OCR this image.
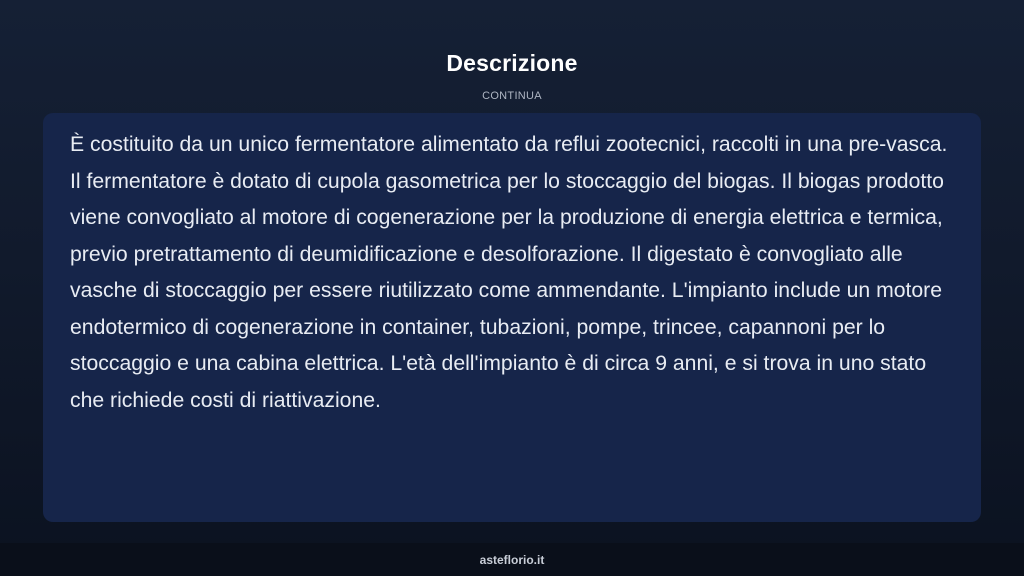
Descrizione
CONTINUA

È costituito da un unico fermentatore alimentato da reflui zootecnici, raccolti in una pre-vasca. Il fermentatore è dotato di cupola gasometrica per lo stoccaggio del biogas. Il biogas prodotto viene convogliato al motore di cogenerazione per la produzione di energia elettrica e termica, previo pretrattamento di deumidificazione e desolforazione. Il digestato è convogliato alle vasche di stoccaggio per essere riutilizzato come ammendante. L'impianto include un motore endotermico di cogenerazione in container, tubazioni, pompe, trincee, capannoni per lo stoccaggio e una cabina elettrica. L'età dell'impianto è di circa 9 anni, e si trova in uno stato che richiede costi di riattivazione.

asteflorio.it
